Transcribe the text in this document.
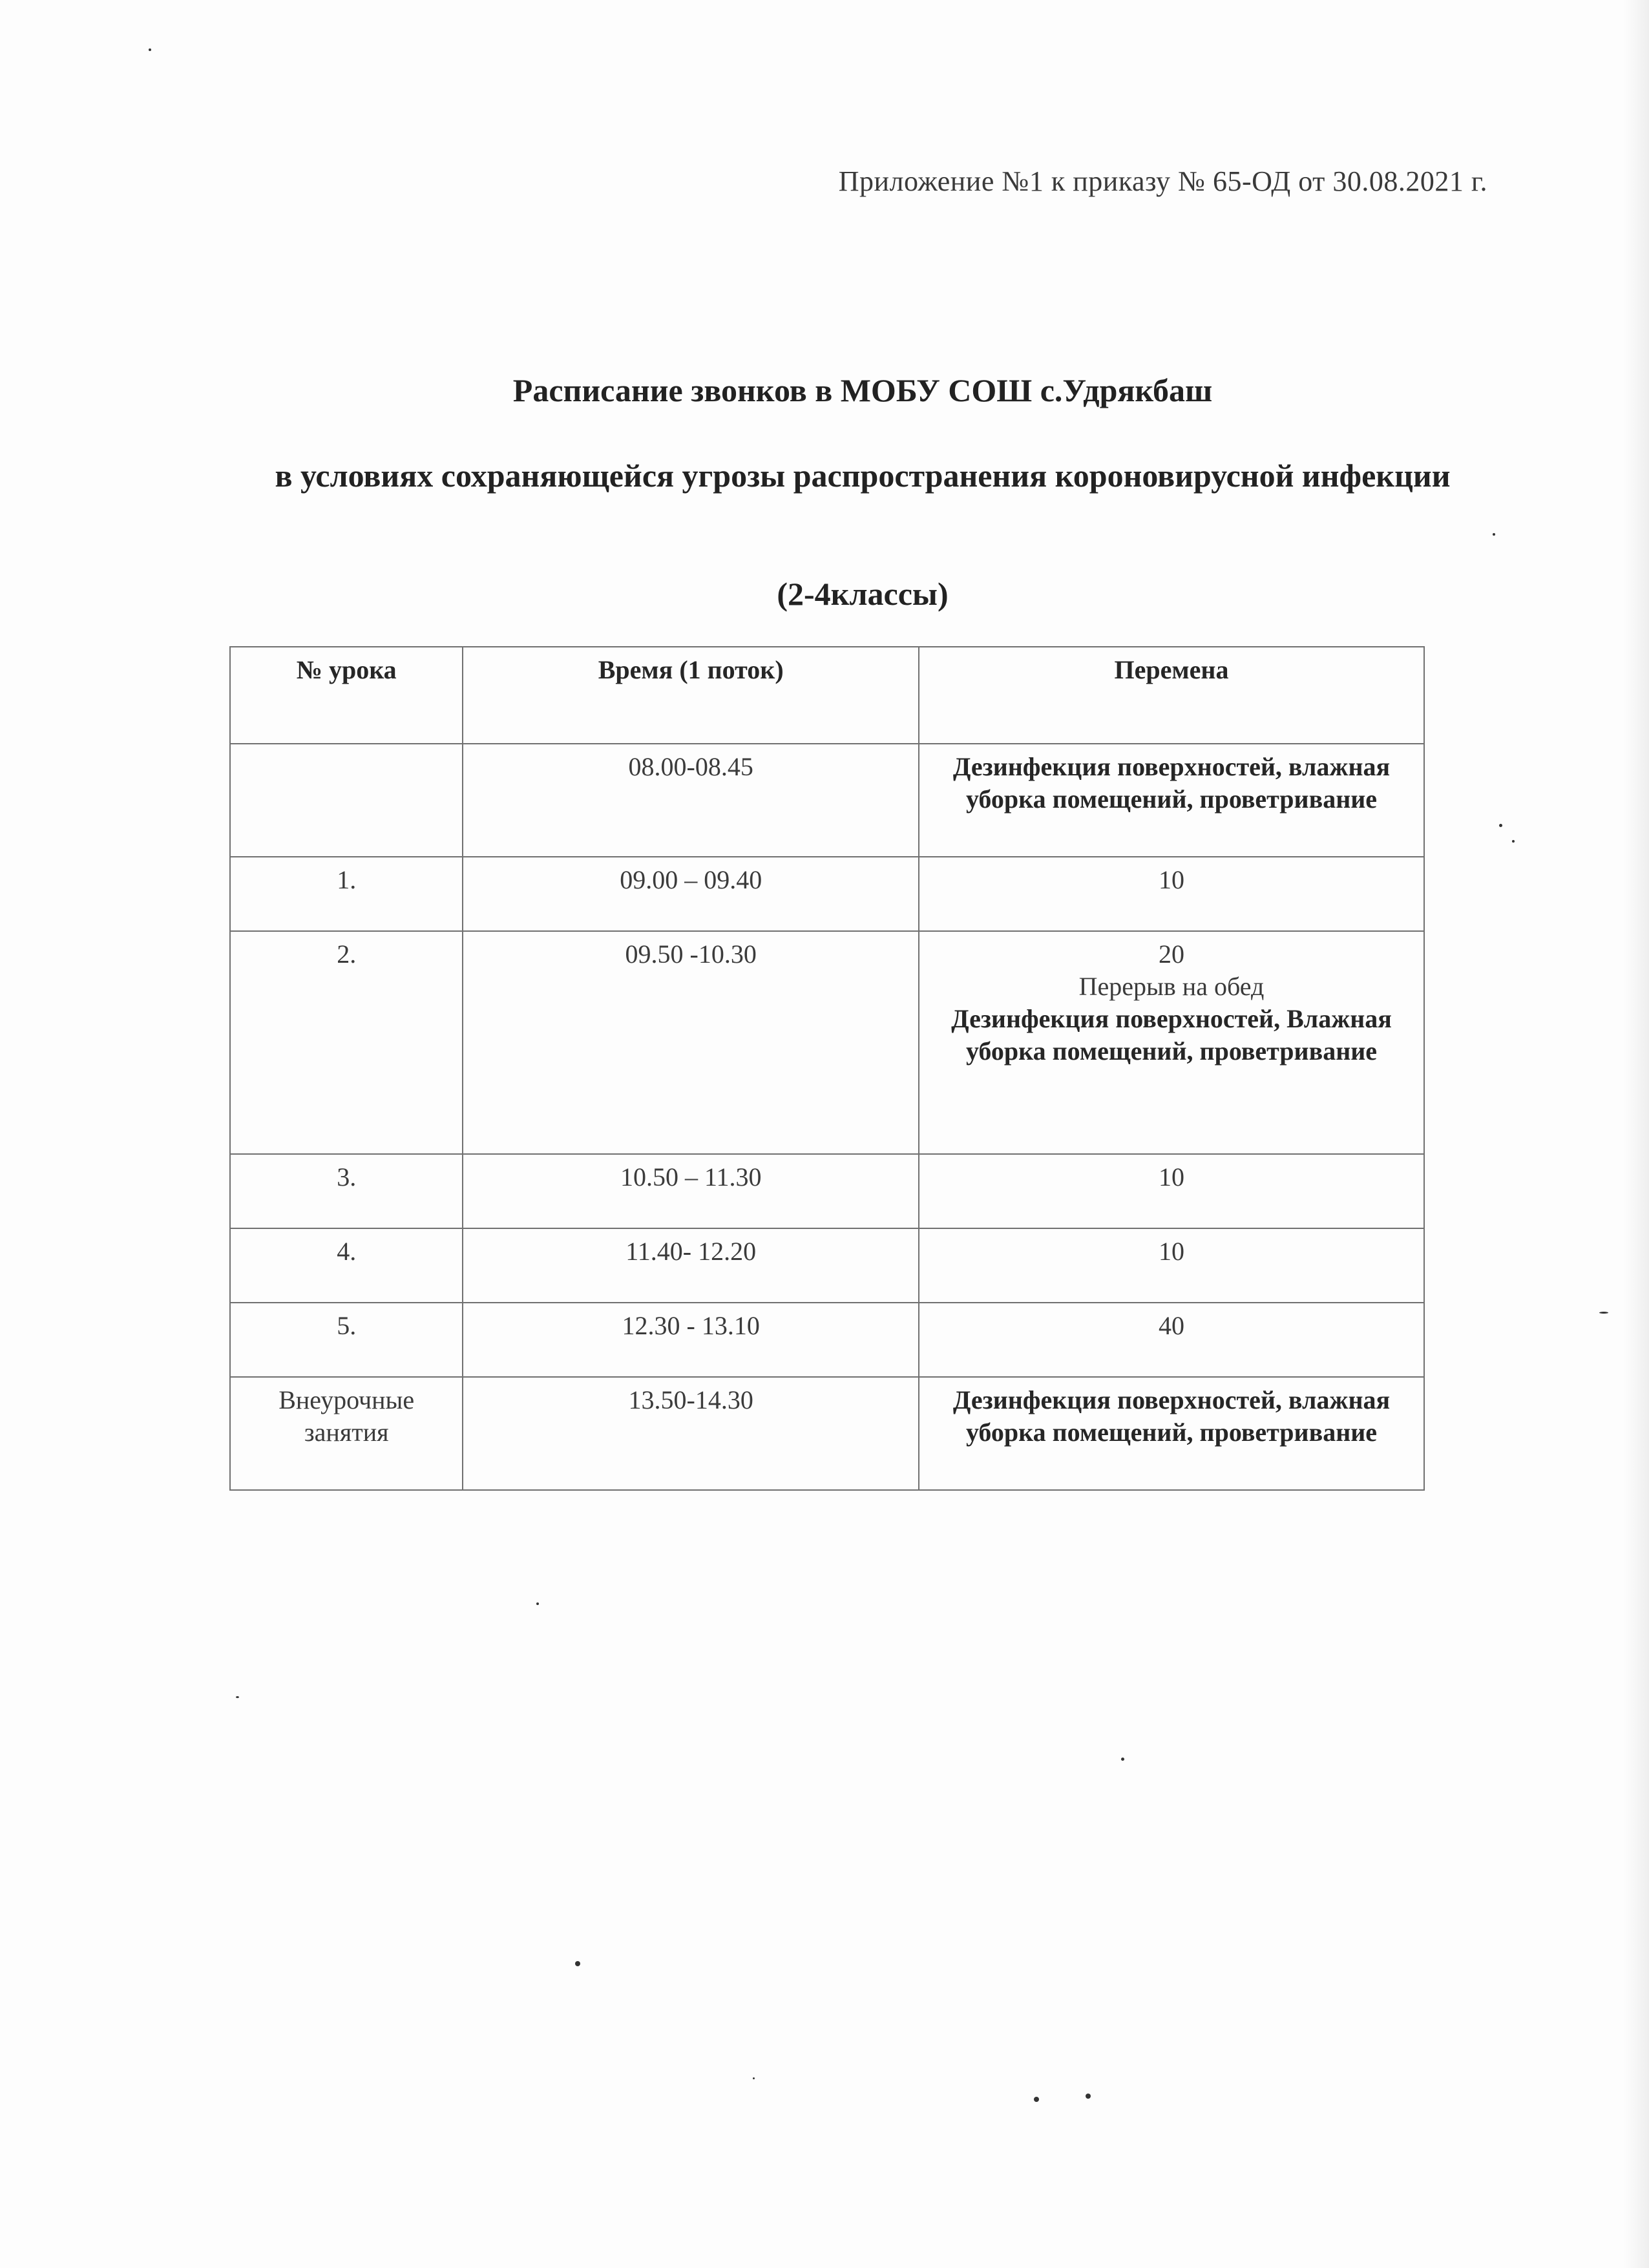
Приложение №1 к приказу № 65-ОД от 30.08.2021 г.
Расписание звонков в МОБУ СОШ с.Удрякбаш
в условиях сохраняющейся угрозы распространения короновирусной инфекции
(2-4классы)
№ урока	Время (1 поток)	Перемена
	08.00-08.45	Дезинфекция поверхностей, влажная уборка помещений, проветривание

1.	09.00 – 09.40	10

2.	09.50 -10.30	20
Перерыв на обед
Дезинфекция поверхностей, Влажная уборка помещений, проветривание

3.	10.50 – 11.30	10

4.	11.40- 12.20	10

5.	12.30 - 13.10	40

Внеурочные занятия	13.50-14.30	Дезинфекция поверхностей, влажная уборка помещений, проветривание
